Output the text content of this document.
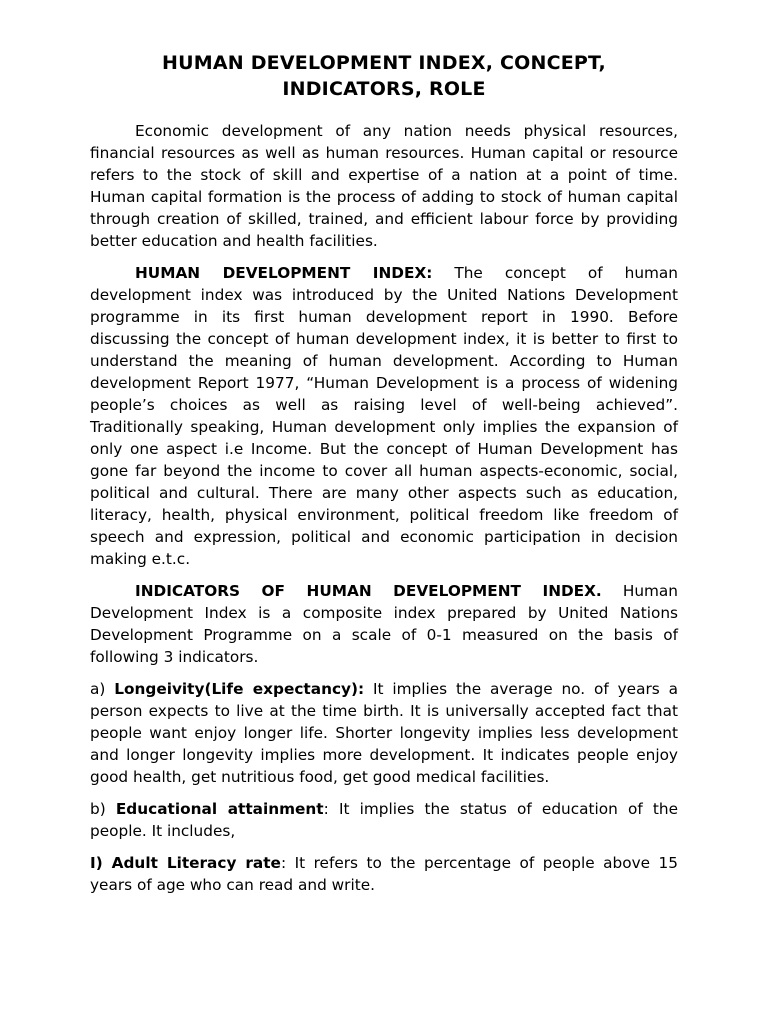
HUMAN DEVELOPMENT INDEX, CONCEPT,
INDICATORS, ROLE

Economic development of any nation needs physical resources, financial resources as well as human resources. Human capital or resource refers to the stock of skill and expertise of a nation at a point of time. Human capital formation is the process of adding to stock of human capital through creation of skilled, trained, and efficient labour force by providing better education and health facilities.

HUMAN DEVELOPMENT INDEX: The concept of human development index was introduced by the United Nations Development programme in its first human development report in 1990. Before discussing the concept of human development index, it is better to first to understand the meaning of human development. According to Human development Report 1977, “Human Development is a process of widening people’s choices as well as raising level of well-being achieved”. Traditionally speaking, Human development only implies the expansion of only one aspect i.e Income. But the concept of Human Development has gone far beyond the income to cover all human aspects-economic, social, political and cultural. There are many other aspects such as education, literacy, health, physical environment, political freedom like freedom of speech and expression, political and economic participation in decision making e.t.c.

INDICATORS OF HUMAN DEVELOPMENT INDEX. Human Development Index is a composite index prepared by United Nations Development Programme on a scale of 0-1 measured on the basis of following 3 indicators.

a) Longeivity(Life expectancy): It implies the average no. of years a person expects to live at the time birth. It is universally accepted fact that people want enjoy longer life. Shorter longevity implies less development and longer longevity implies more development. It indicates people enjoy good health, get nutritious food, get good medical facilities.

b) Educational attainment: It implies the status of education of the people. It includes,

I) Adult Literacy rate: It refers to the percentage of people above 15 years of age who can read and write.
